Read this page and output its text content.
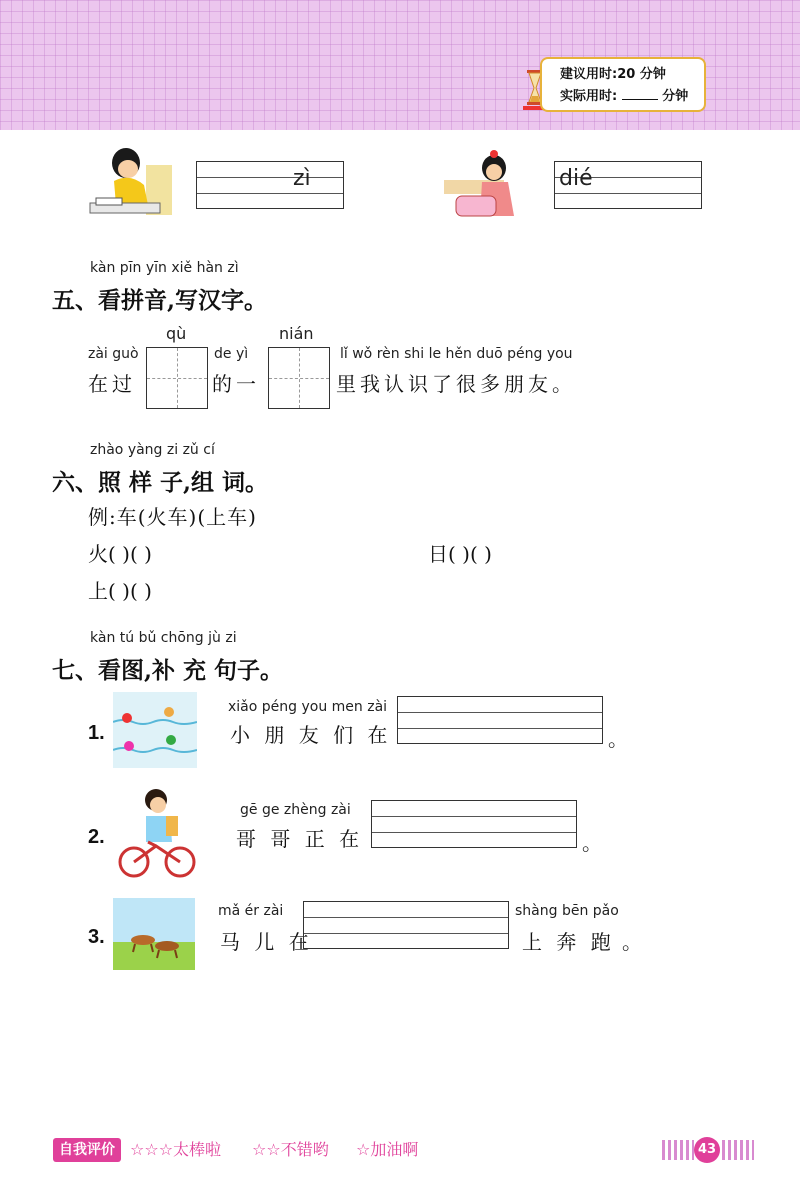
建议用时:20 分钟
实际用时:	分钟
zì	dié
kàn pīn yīn xiě hàn zì
五、看拼音,写汉字。
zài guò
在过
qù
de yì
的一
nián
lǐ wǒ rèn shi le hěn duō péng you
里我认识了很多朋友。
zhào yàng zi zǔ cí
六、照 样 子,组 词。
例:车(火车)(上车)
火( )( )	日( )( )
上( )( )
kàn tú bǔ chōng jù zi
七、看图,补 充 句子。
1.
xiǎo péng you men zài
小 朋 友 们 在	。
2.
gē ge zhèng zài
哥 哥 正 在	。
3.
mǎ ér zài
马 儿 在
shàng bēn pǎo
上 奔 跑 。
自我评价 ☆☆☆太棒啦 ☆☆不错哟 ☆加油啊	43
